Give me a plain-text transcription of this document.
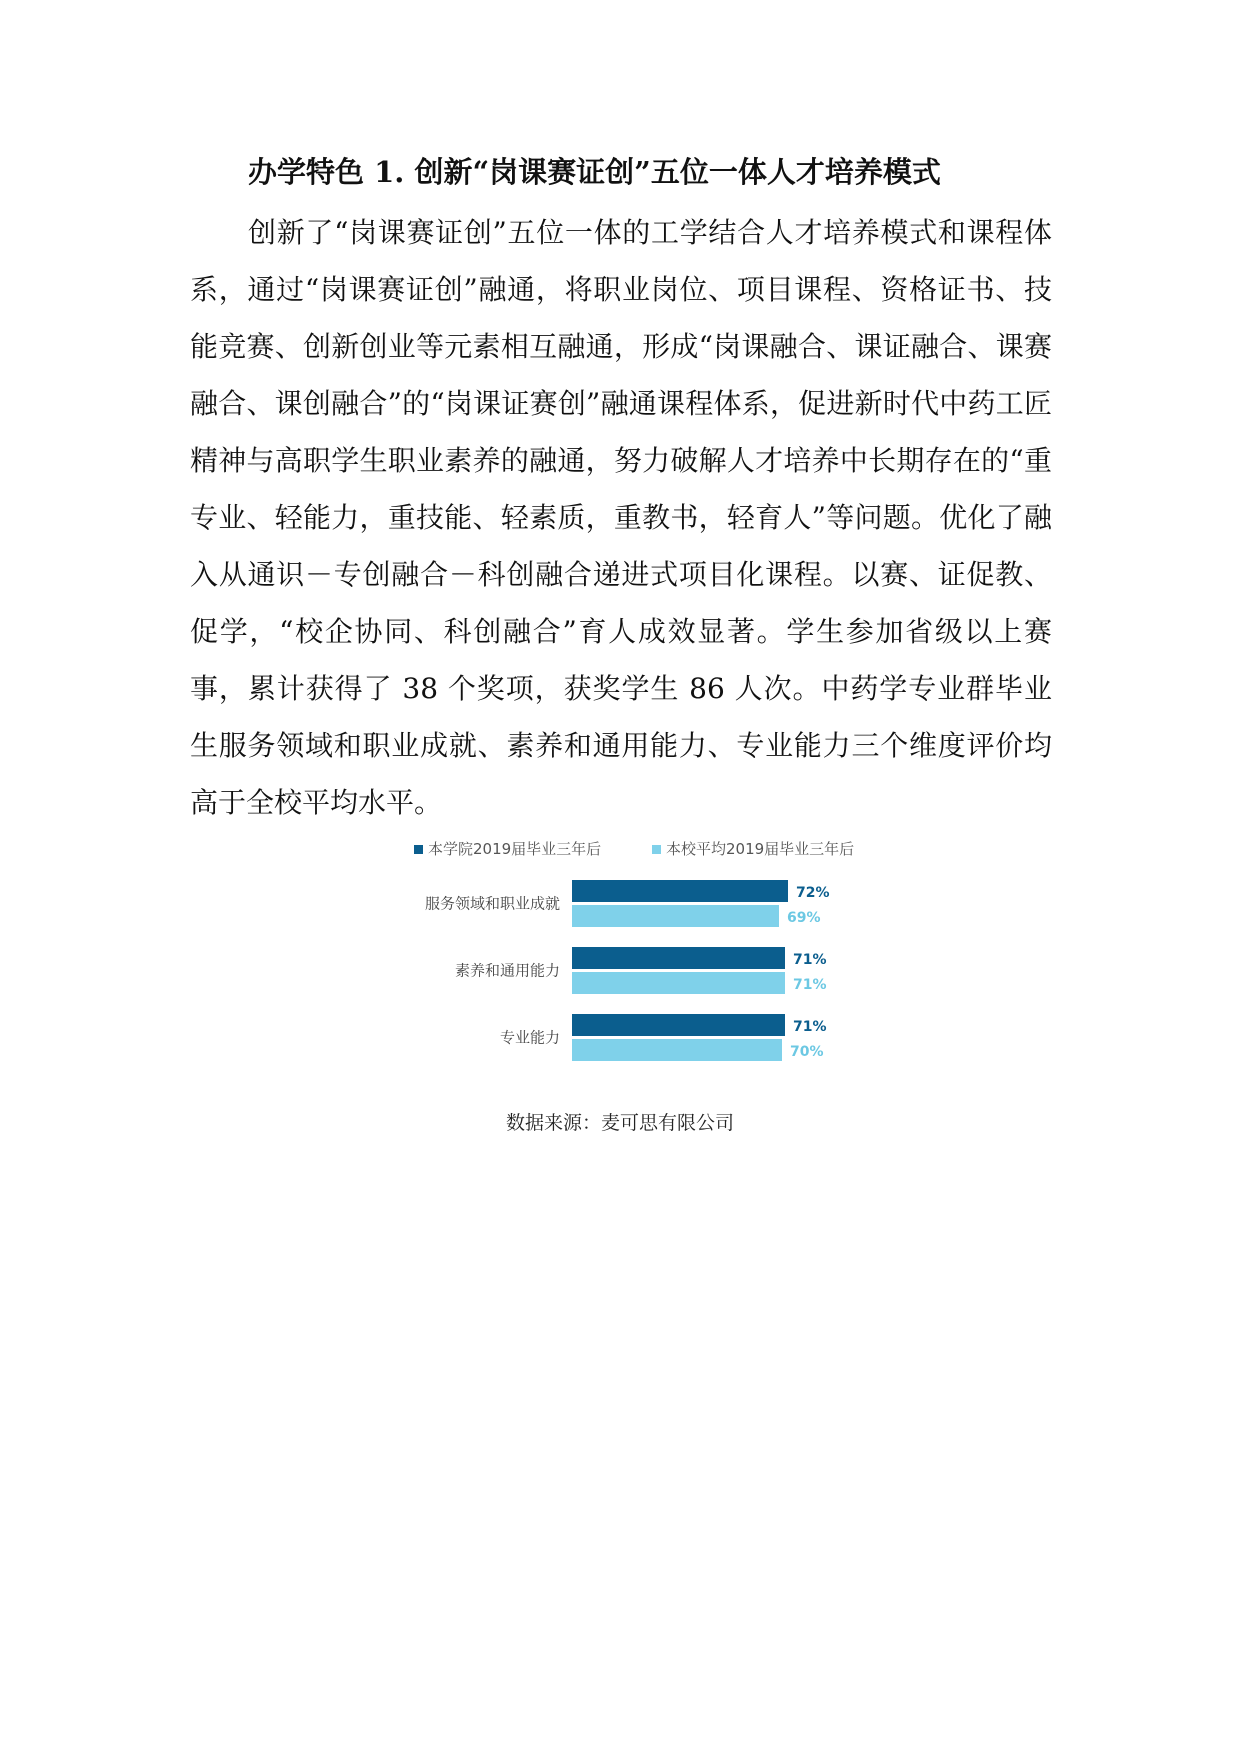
办学特色 1. 创新“岗课赛证创”五位一体人才培养模式

创新了“岗课赛证创”五位一体的工学结合人才培养模式和课程体系，通过“岗课赛证创”融通，将职业岗位、项目课程、资格证书、技能竞赛、创新创业等元素相互融通，形成“岗课融合、课证融合、课赛融合、课创融合”的“岗课证赛创”融通课程体系，促进新时代中药工匠精神与高职学生职业素养的融通，努力破解人才培养中长期存在的“重专业、轻能力，重技能、轻素质，重教书，轻育人”等问题。优化了融入从通识－专创融合－科创融合递进式项目化课程。以赛、证促教、促学，“校企协同、科创融合”育人成效显著。学生参加省级以上赛事，累计获得了 38 个奖项，获奖学生 86 人次。中药学专业群毕业生服务领域和职业成就、素养和通用能力、专业能力三个维度评价均高于全校平均水平。

本学院2019届毕业三年后	本校平均2019届毕业三年后
服务领域和职业成就
72%
69%
素养和通用能力
71%
71%
专业能力
71%
70%

数据来源：麦可思有限公司
